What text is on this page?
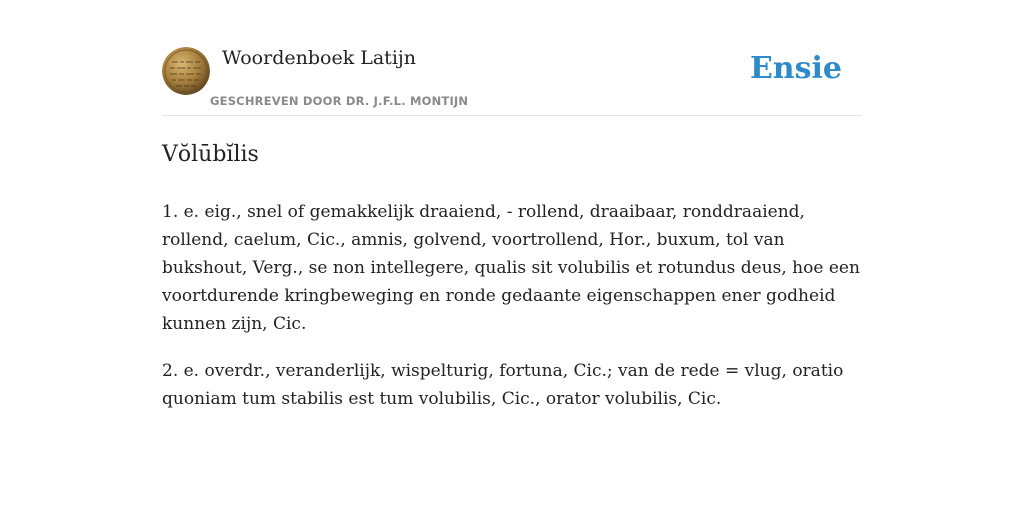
Woordenboek Latijn
GESCHREVEN DOOR DR. J.F.L. MONTIJN
Ensie
Vŏlūbĭlis

1. e. eig., snel of gemakkelijk draaiend, - rollend, draaibaar, ronddraaiend, rollend, caelum, Cic., amnis, golvend, voortrollend, Hor., buxum, tol van bukshout, Verg., se non intellegere, qualis sit volubilis et rotundus deus, hoe een voortdurende kringbeweging en ronde gedaante eigenschappen ener godheid kunnen zijn, Cic.

2. e. overdr., veranderlijk, wispelturig, fortuna, Cic.; van de rede = vlug, oratio quoniam tum stabilis est tum volubilis, Cic., orator volubilis, Cic.
